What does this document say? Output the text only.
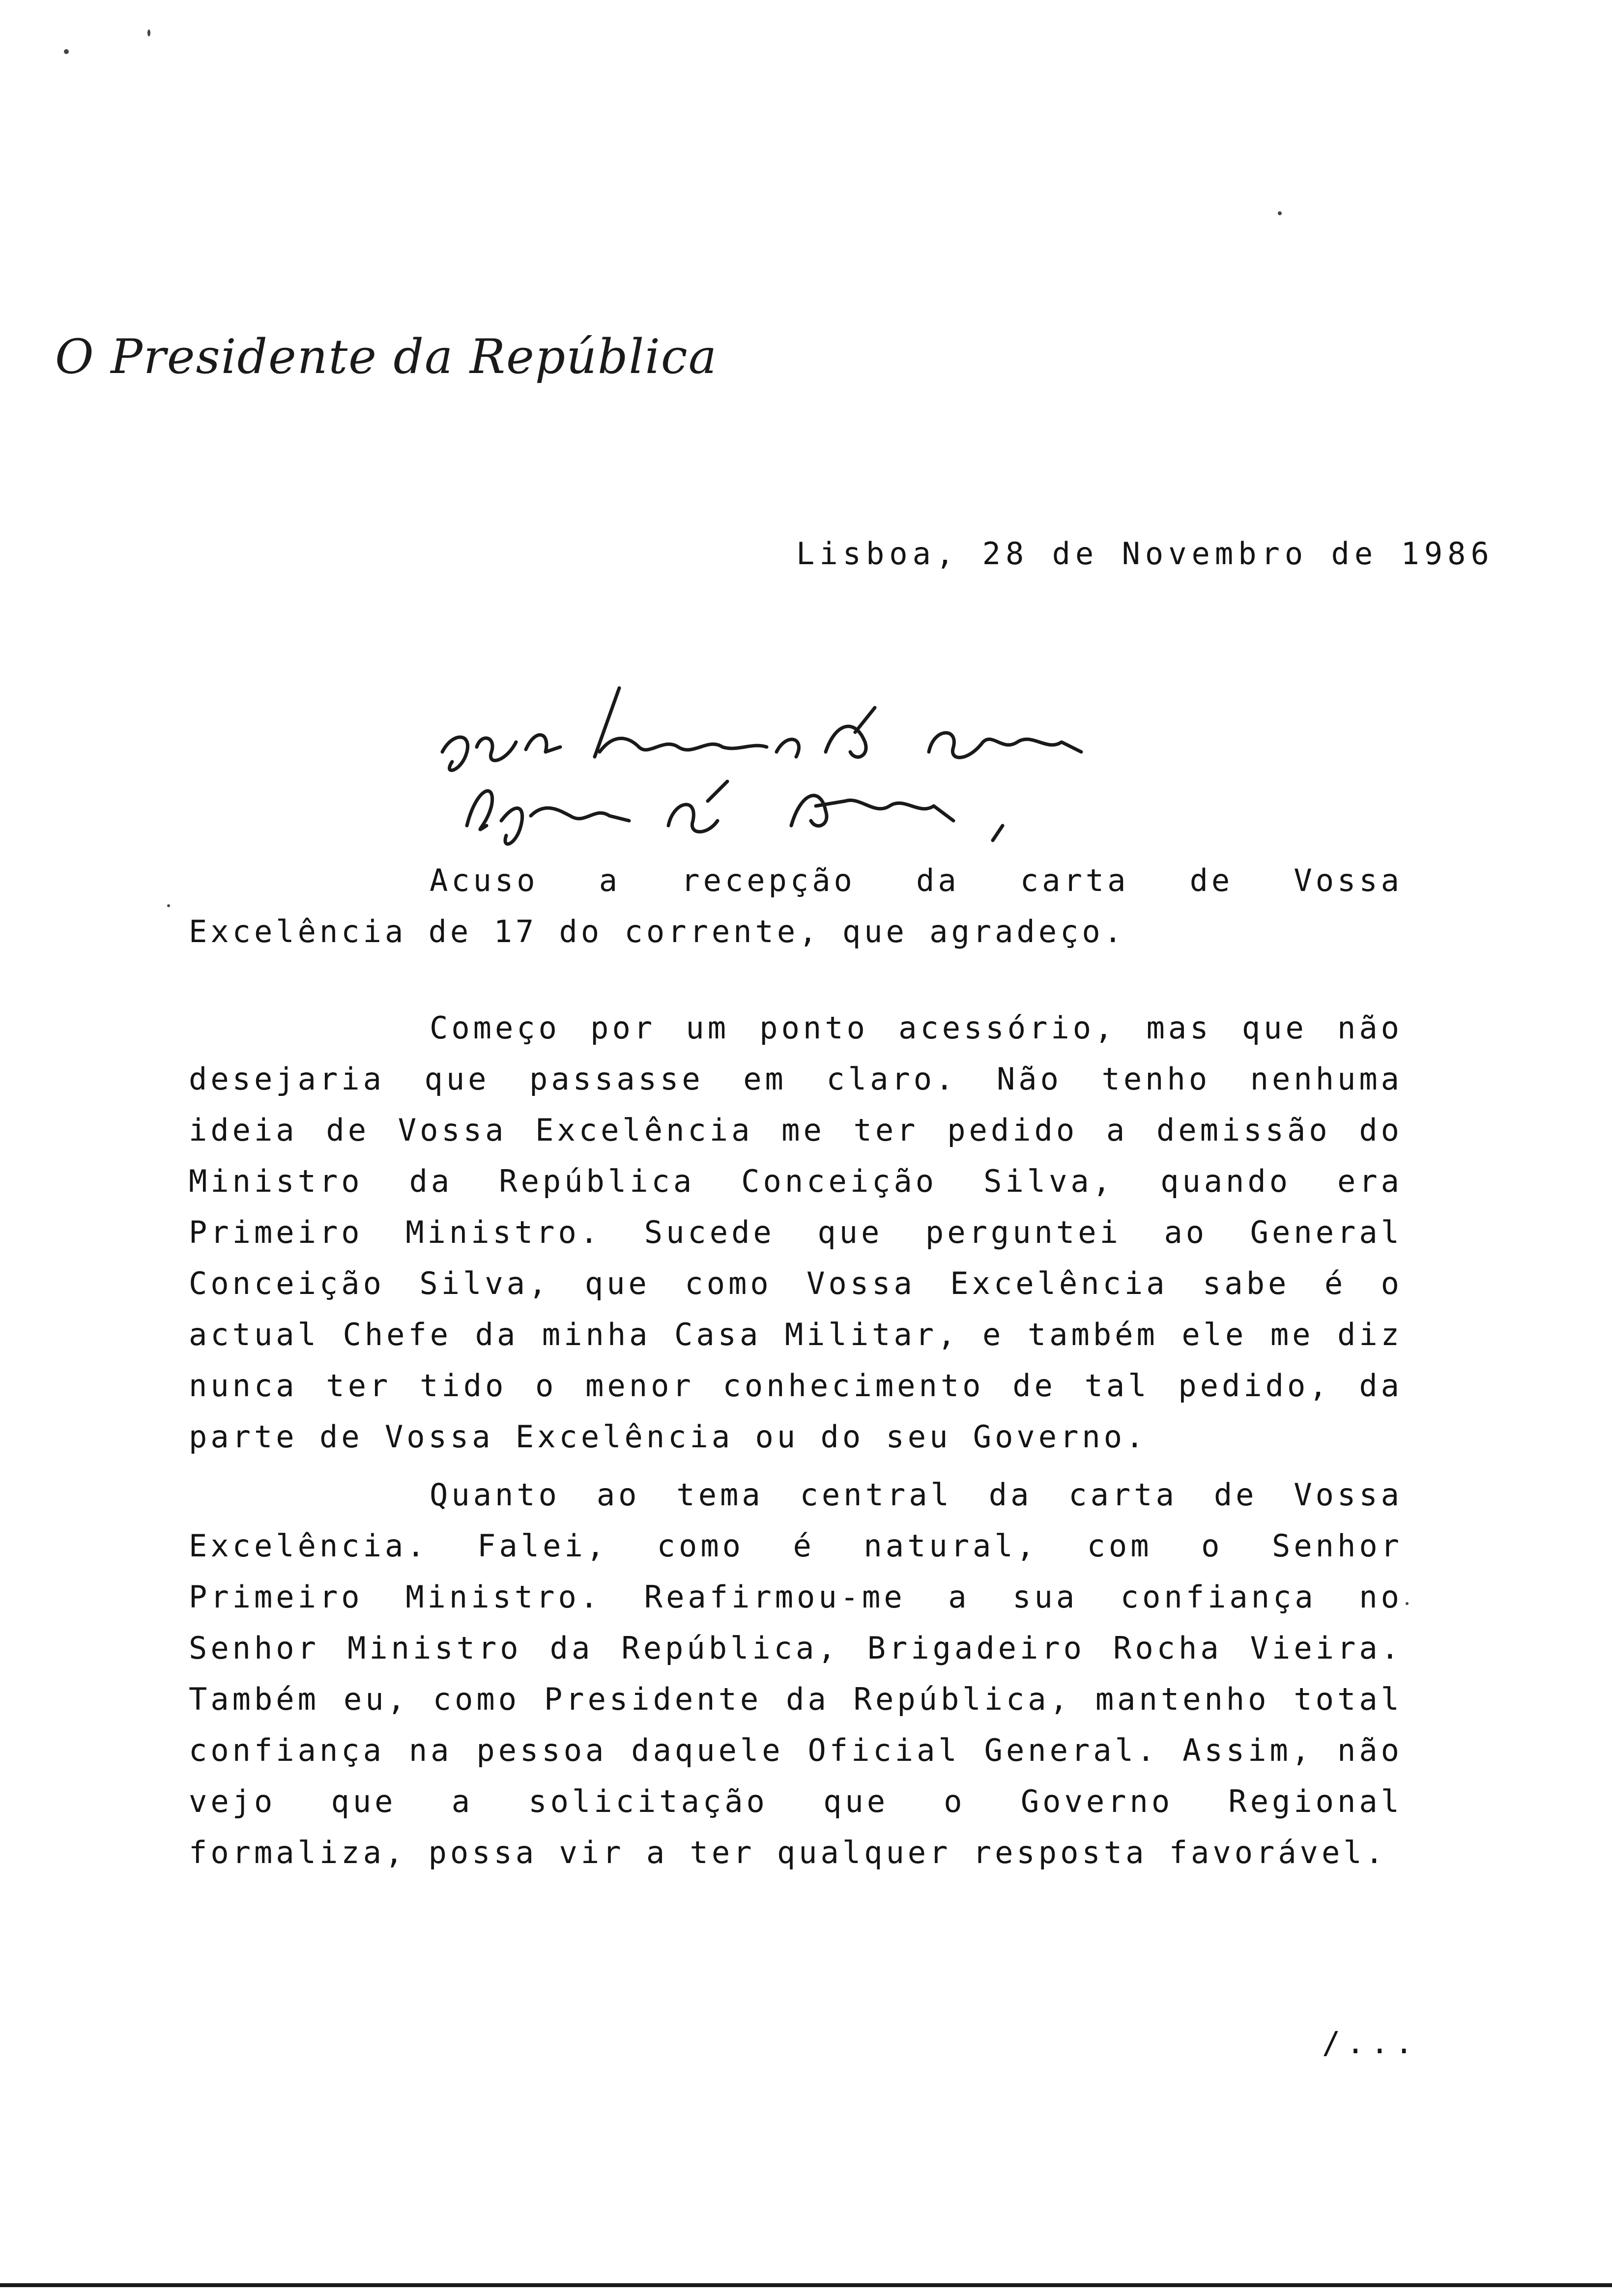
O Presidente da República
Lisboa, 28 de Novembro de 1986

Acuso a recepção da carta de Vossa Excelência de 17 do corrente, que agradeço.

Começo por um ponto acessório, mas que não desejaria que passasse em claro. Não tenho nenhuma ideia de Vossa Excelência me ter pedido a demissão do Ministro da República Conceição Silva, quando era Primeiro Ministro. Sucede que perguntei ao General Conceição Silva, que como Vossa Excelência sabe é o actual Chefe da minha Casa Militar, e também ele me diz nunca ter tido o menor conhecimento de tal pedido, da parte de Vossa Excelência ou do seu Governo.

Quanto ao tema central da carta de Vossa Excelência. Falei, como é natural, com o Senhor Primeiro Ministro. Reafirmou-me a sua confiança no Senhor Ministro da República, Brigadeiro Rocha Vieira. Também eu, como Presidente da República, mantenho total confiança na pessoa daquele Oficial General. Assim, não vejo que a solicitação que o Governo Regional formaliza, possa vir a ter qualquer resposta favorável.

/...
